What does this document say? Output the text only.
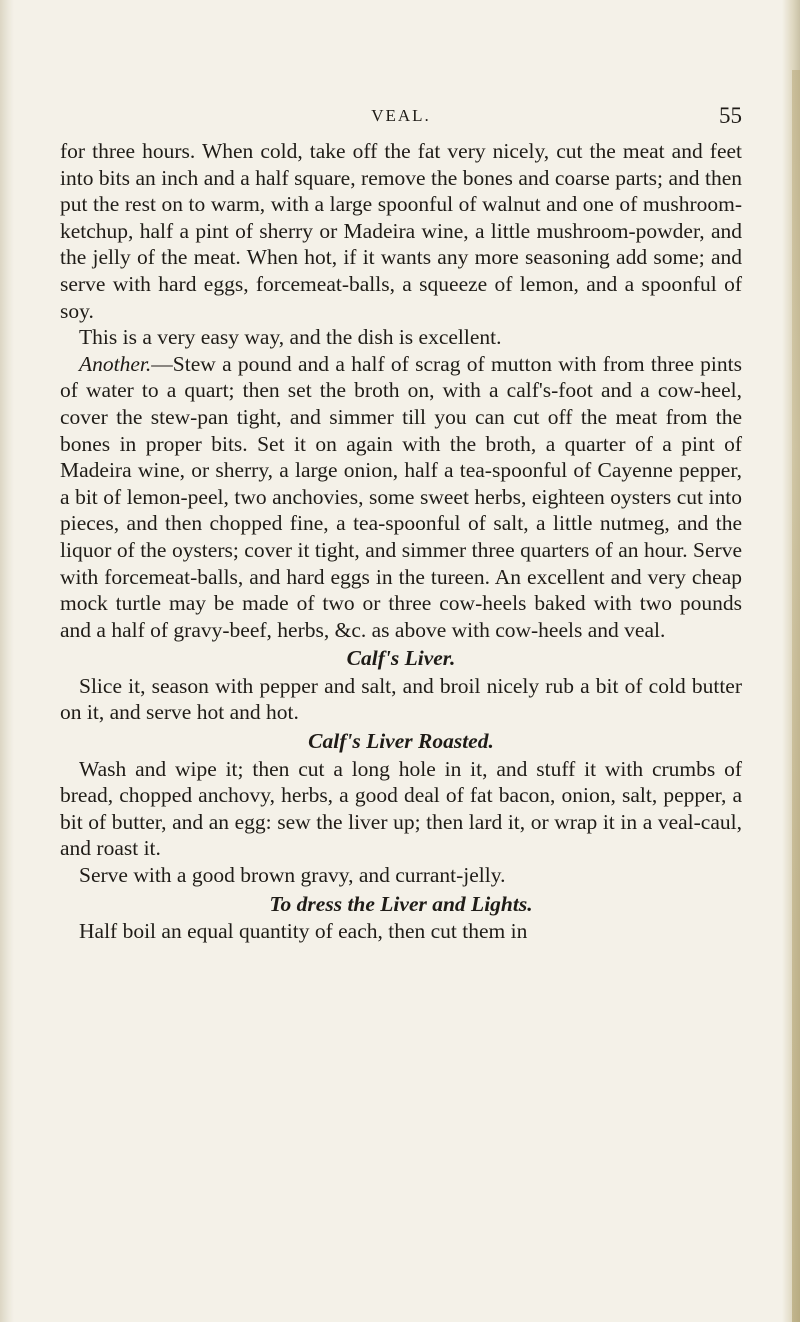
VEAL.	55

for three hours. When cold, take off the fat very nicely, cut the meat and feet into bits an inch and a half square, remove the bones and coarse parts; and then put the rest on to warm, with a large spoonful of walnut and one of mushroom-ketchup, half a pint of sherry or Madeira wine, a little mushroom-powder, and the jelly of the meat. When hot, if it wants any more seasoning add some; and serve with hard eggs, forcemeat-balls, a squeeze of lemon, and a spoonful of soy.

This is a very easy way, and the dish is excellent.

Another.—Stew a pound and a half of scrag of mutton with from three pints of water to a quart; then set the broth on, with a calf's-foot and a cow-heel, cover the stew-pan tight, and simmer till you can cut off the meat from the bones in proper bits. Set it on again with the broth, a quarter of a pint of Madeira wine, or sherry, a large onion, half a tea-spoonful of Cayenne pepper, a bit of lemon-peel, two anchovies, some sweet herbs, eighteen oysters cut into pieces, and then chopped fine, a tea-spoonful of salt, a little nutmeg, and the liquor of the oysters; cover it tight, and simmer three quarters of an hour. Serve with forcemeat-balls, and hard eggs in the tureen. An excellent and very cheap mock turtle may be made of two or three cow-heels baked with two pounds and a half of gravy-beef, herbs, &c. as above with cow-heels and veal.

Calf's Liver.

Slice it, season with pepper and salt, and broil nicely rub a bit of cold butter on it, and serve hot and hot.

Calf's Liver Roasted.

Wash and wipe it; then cut a long hole in it, and stuff it with crumbs of bread, chopped anchovy, herbs, a good deal of fat bacon, onion, salt, pepper, a bit of butter, and an egg: sew the liver up; then lard it, or wrap it in a veal-caul, and roast it.

Serve with a good brown gravy, and currant-jelly.

To dress the Liver and Lights.

Half boil an equal quantity of each, then cut them in
